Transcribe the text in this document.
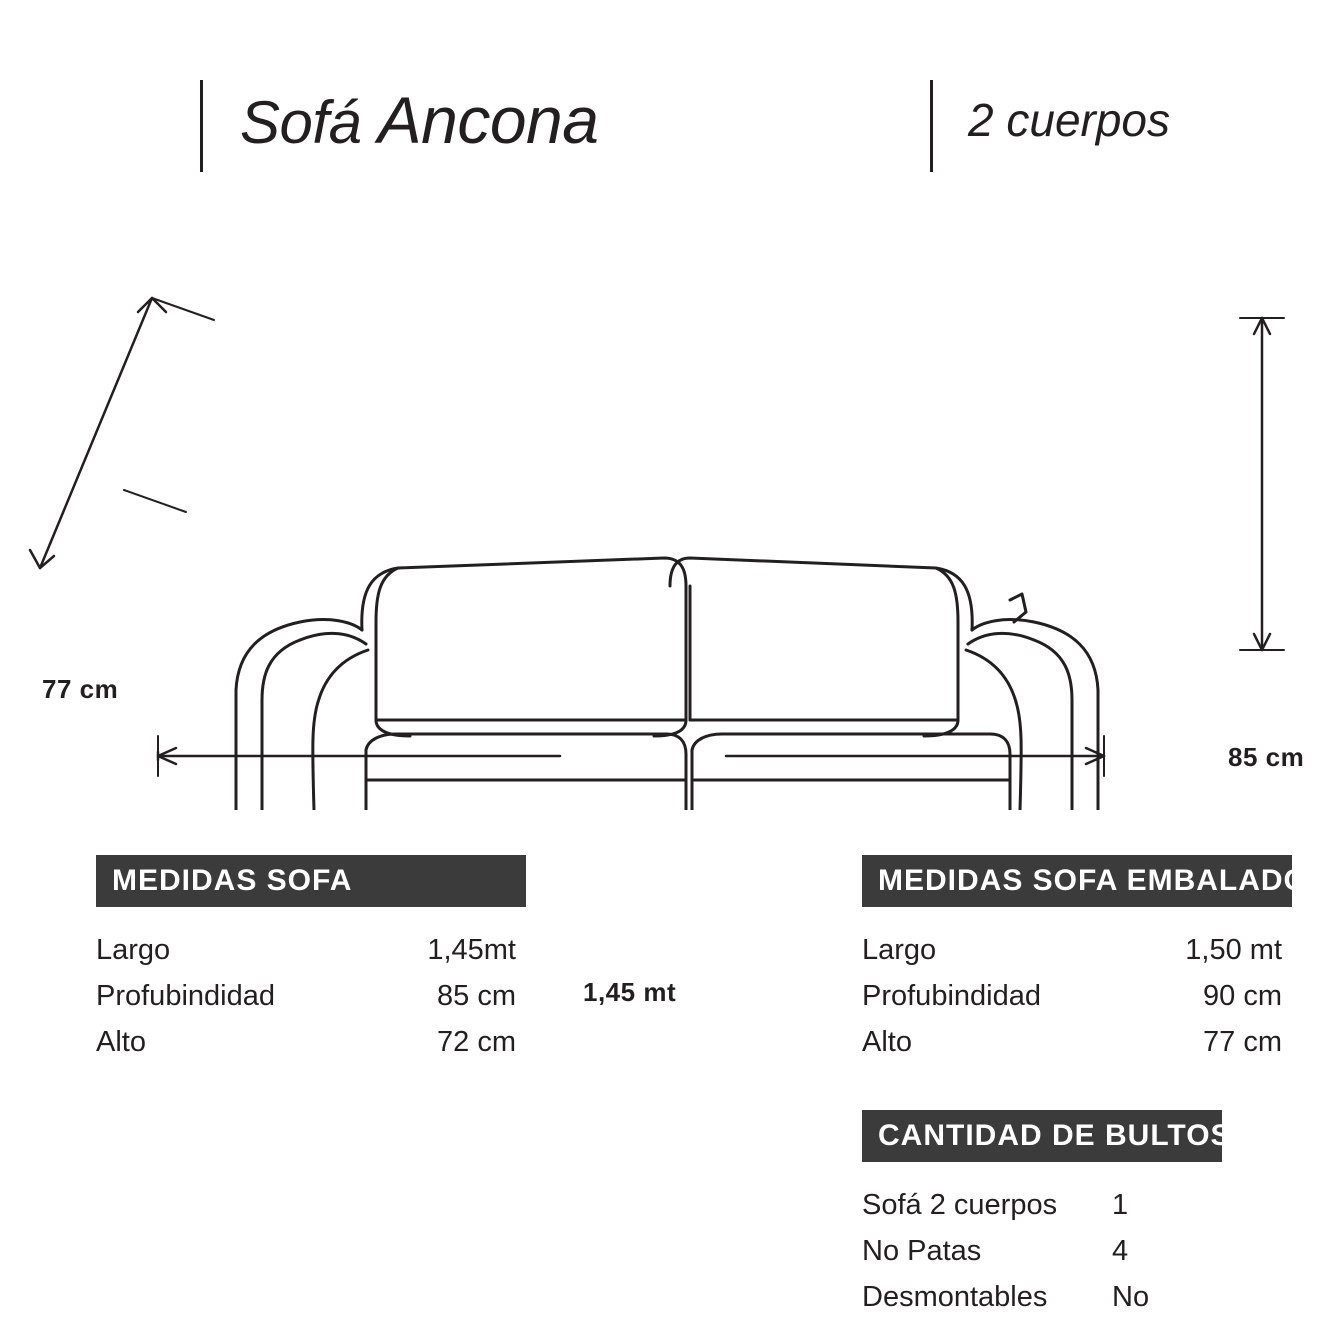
Sofá Ancona	2 cuerpos
77 cm
85 cm
1,45 mt
MEDIDAS SOFA
Largo	1,45mt
Profubindidad	85 cm
Alto	72 cm
MEDIDAS SOFA EMBALADO
Largo	1,50 mt
Profubindidad	90 cm
Alto	77 cm
CANTIDAD DE BULTOS
Sofá 2 cuerpos	1
No Patas	4
Desmontables	No
